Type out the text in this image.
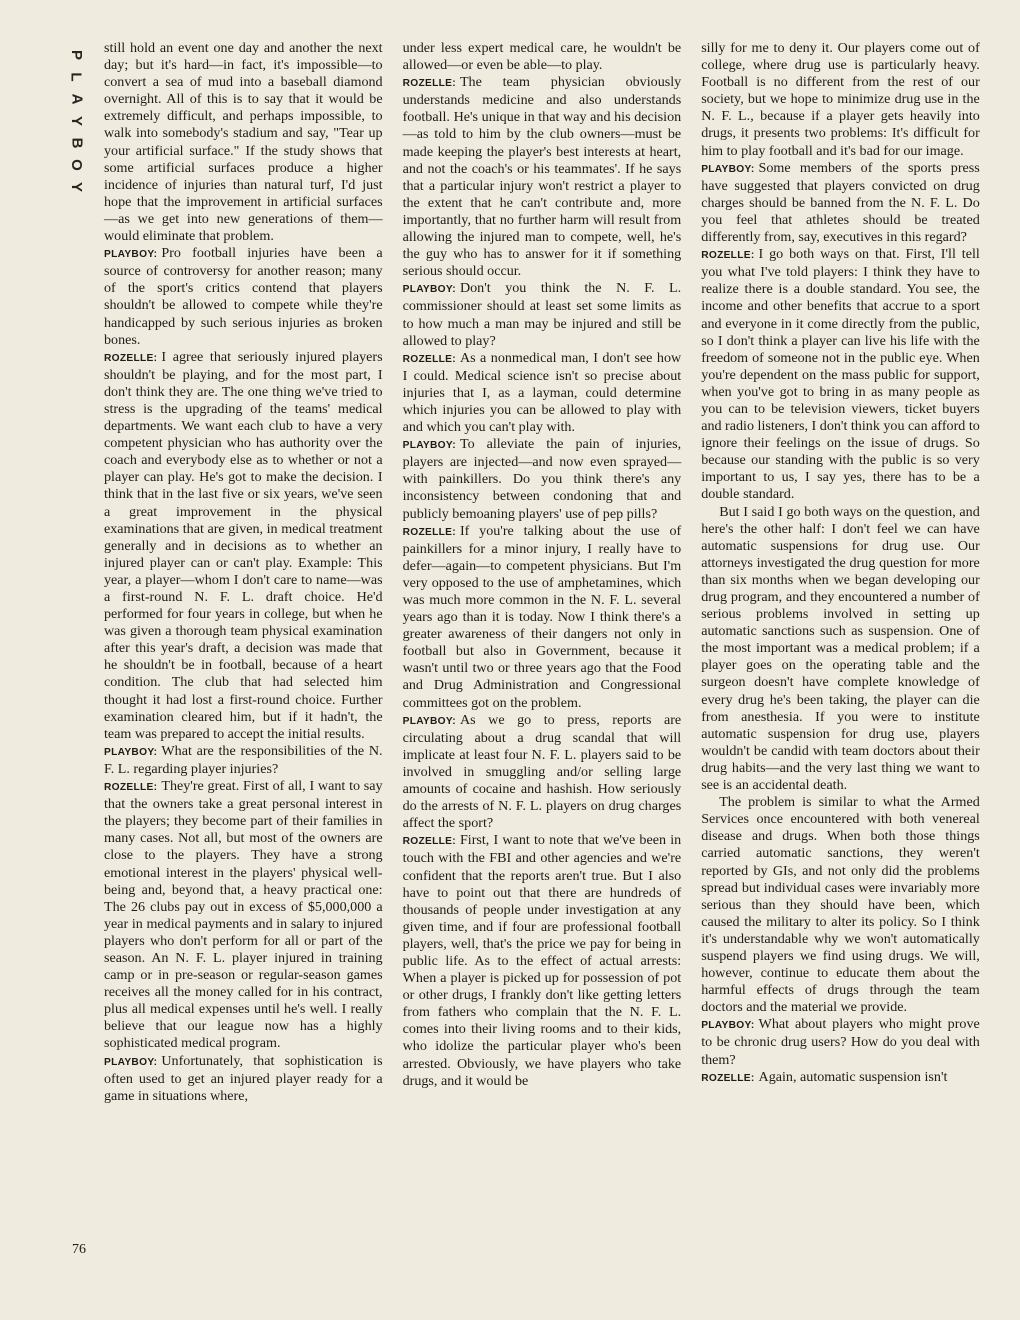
P
L
A
Y
B
O
Y

still hold an event one day and another the next day; but it's hard—in fact, it's impossible—to convert a sea of mud into a baseball diamond overnight. All of this is to say that it would be extremely difficult, and perhaps impossible, to walk into somebody's stadium and say, "Tear up your artificial surface." If the study shows that some artificial surfaces produce a higher incidence of injuries than natural turf, I'd just hope that the improvement in artificial surfaces—as we get into new generations of them—would eliminate that problem.

PLAYBOY: Pro football injuries have been a source of controversy for another reason; many of the sport's critics contend that players shouldn't be allowed to compete while they're handicapped by such serious injuries as broken bones.

ROZELLE: I agree that seriously injured players shouldn't be playing, and for the most part, I don't think they are. The one thing we've tried to stress is the upgrading of the teams' medical departments. We want each club to have a very competent physician who has authority over the coach and everybody else as to whether or not a player can play. He's got to make the decision. I think that in the last five or six years, we've seen a great improvement in the physical examinations that are given, in medical treatment generally and in decisions as to whether an injured player can or can't play. Example: This year, a player—whom I don't care to name—was a first-round N. F. L. draft choice. He'd performed for four years in college, but when he was given a thorough team physical examination after this year's draft, a decision was made that he shouldn't be in football, because of a heart condition. The club that had selected him thought it had lost a first-round choice. Further examination cleared him, but if it hadn't, the team was prepared to accept the initial results.

PLAYBOY: What are the responsibilities of the N. F. L. regarding player injuries?

ROZELLE: They're great. First of all, I want to say that the owners take a great personal interest in the players; they become part of their families in many cases. Not all, but most of the owners are close to the players. They have a strong emotional interest in the players' physical well-being and, beyond that, a heavy practical one: The 26 clubs pay out in excess of $5,000,000 a year in medical payments and in salary to injured players who don't perform for all or part of the season. An N. F. L. player injured in training camp or in pre-season or regular-season games receives all the money called for in his contract, plus all medical expenses until he's well. I really believe that our league now has a highly sophisticated medical program.

PLAYBOY: Unfortunately, that sophistication is often used to get an injured player ready for a game in situations where,

under less expert medical care, he wouldn't be allowed—or even be able—to play.

ROZELLE: The team physician obviously understands medicine and also understands football. He's unique in that way and his decision—as told to him by the club owners—must be made keeping the player's best interests at heart, and not the coach's or his teammates'. If he says that a particular injury won't restrict a player to the extent that he can't contribute and, more importantly, that no further harm will result from allowing the injured man to compete, well, he's the guy who has to answer for it if something serious should occur.

PLAYBOY: Don't you think the N. F. L. commissioner should at least set some limits as to how much a man may be injured and still be allowed to play?

ROZELLE: As a nonmedical man, I don't see how I could. Medical science isn't so precise about injuries that I, as a layman, could determine which injuries you can be allowed to play with and which you can't play with.

PLAYBOY: To alleviate the pain of injuries, players are injected—and now even sprayed—with painkillers. Do you think there's any inconsistency between condoning that and publicly bemoaning players' use of pep pills?

ROZELLE: If you're talking about the use of painkillers for a minor injury, I really have to defer—again—to competent physicians. But I'm very opposed to the use of amphetamines, which was much more common in the N. F. L. several years ago than it is today. Now I think there's a greater awareness of their dangers not only in football but also in Government, because it wasn't until two or three years ago that the Food and Drug Administration and Congressional committees got on the problem.

PLAYBOY: As we go to press, reports are circulating about a drug scandal that will implicate at least four N. F. L. players said to be involved in smuggling and/or selling large amounts of cocaine and hashish. How seriously do the arrests of N. F. L. players on drug charges affect the sport?

ROZELLE: First, I want to note that we've been in touch with the FBI and other agencies and we're confident that the reports aren't true. But I also have to point out that there are hundreds of thousands of people under investigation at any given time, and if four are professional football players, well, that's the price we pay for being in public life. As to the effect of actual arrests: When a player is picked up for possession of pot or other drugs, I frankly don't like getting letters from fathers who complain that the N. F. L. comes into their living rooms and to their kids, who idolize the particular player who's been arrested. Obviously, we have players who take drugs, and it would be

silly for me to deny it. Our players come out of college, where drug use is particularly heavy. Football is no different from the rest of our society, but we hope to minimize drug use in the N. F. L., because if a player gets heavily into drugs, it presents two problems: It's difficult for him to play football and it's bad for our image.

PLAYBOY: Some members of the sports press have suggested that players convicted on drug charges should be banned from the N. F. L. Do you feel that athletes should be treated differently from, say, executives in this regard?

ROZELLE: I go both ways on that. First, I'll tell you what I've told players: I think they have to realize there is a double standard. You see, the income and other benefits that accrue to a sport and everyone in it come directly from the public, so I don't think a player can live his life with the freedom of someone not in the public eye. When you're dependent on the mass public for support, when you've got to bring in as many people as you can to be television viewers, ticket buyers and radio listeners, I don't think you can afford to ignore their feelings on the issue of drugs. So because our standing with the public is so very important to us, I say yes, there has to be a double standard.

But I said I go both ways on the question, and here's the other half: I don't feel we can have automatic suspensions for drug use. Our attorneys investigated the drug question for more than six months when we began developing our drug program, and they encountered a number of serious problems involved in setting up automatic sanctions such as suspension. One of the most important was a medical problem; if a player goes on the operating table and the surgeon doesn't have complete knowledge of every drug he's been taking, the player can die from anesthesia. If you were to institute automatic suspension for drug use, players wouldn't be candid with team doctors about their drug habits—and the very last thing we want to see is an accidental death.

The problem is similar to what the Armed Services once encountered with both venereal disease and drugs. When both those things carried automatic sanctions, they weren't reported by GIs, and not only did the problems spread but individual cases were invariably more serious than they should have been, which caused the military to alter its policy. So I think it's understandable why we won't automatically suspend players we find using drugs. We will, however, continue to educate them about the harmful effects of drugs through the team doctors and the material we provide.

PLAYBOY: What about players who might prove to be chronic drug users? How do you deal with them?

ROZELLE: Again, automatic suspension isn't

76
